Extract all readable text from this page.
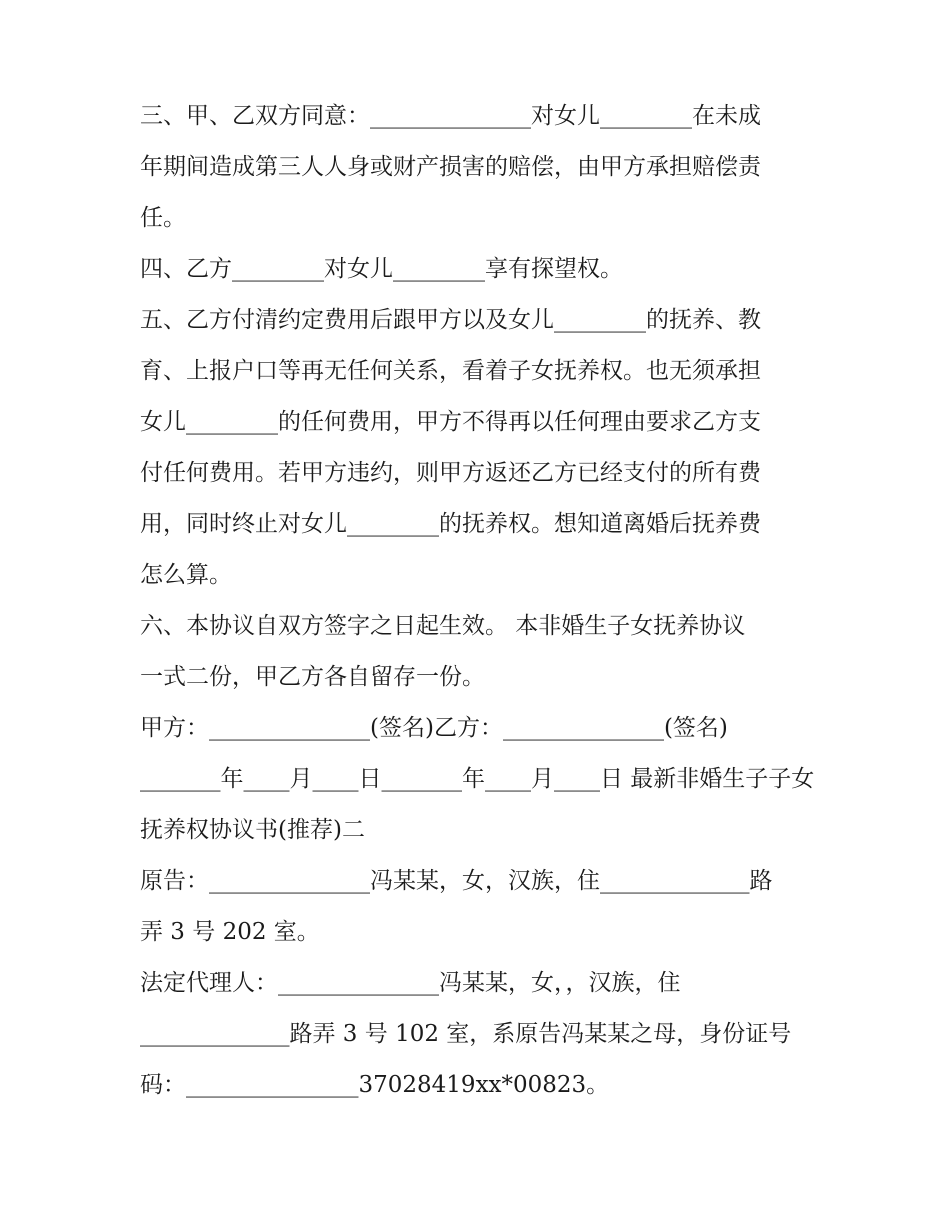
三、甲、乙双方同意：______________对女儿________在未成
年期间造成第三人人身或财产损害的赔偿，由甲方承担赔偿责
任。
四、乙方________对女儿________享有探望权。
五、乙方付清约定费用后跟甲方以及女儿________的抚养、教
育、上报户口等再无任何关系，看着子女抚养权。也无须承担
女儿________的任何费用，甲方不得再以任何理由要求乙方支
付任何费用。若甲方违约，则甲方返还乙方已经支付的所有费
用，同时终止对女儿________的抚养权。想知道离婚后抚养费
怎么算。
六、本协议自双方签字之日起生效。 本非婚生子女抚养协议
一式二份，甲乙方各自留存一份。
甲方：______________(签名)乙方：______________(签名)
_______年____月____日_______年____月____日 最新非婚生子子女
抚养权协议书(推荐)二
原告：______________冯某某，女，汉族，住_____________路
弄 3 号 202 室。
法定代理人：______________冯某某，女，，汉族，住
_____________路弄 3 号 102 室，系原告冯某某之母，身份证号
码：_______________37028419xx*00823。
